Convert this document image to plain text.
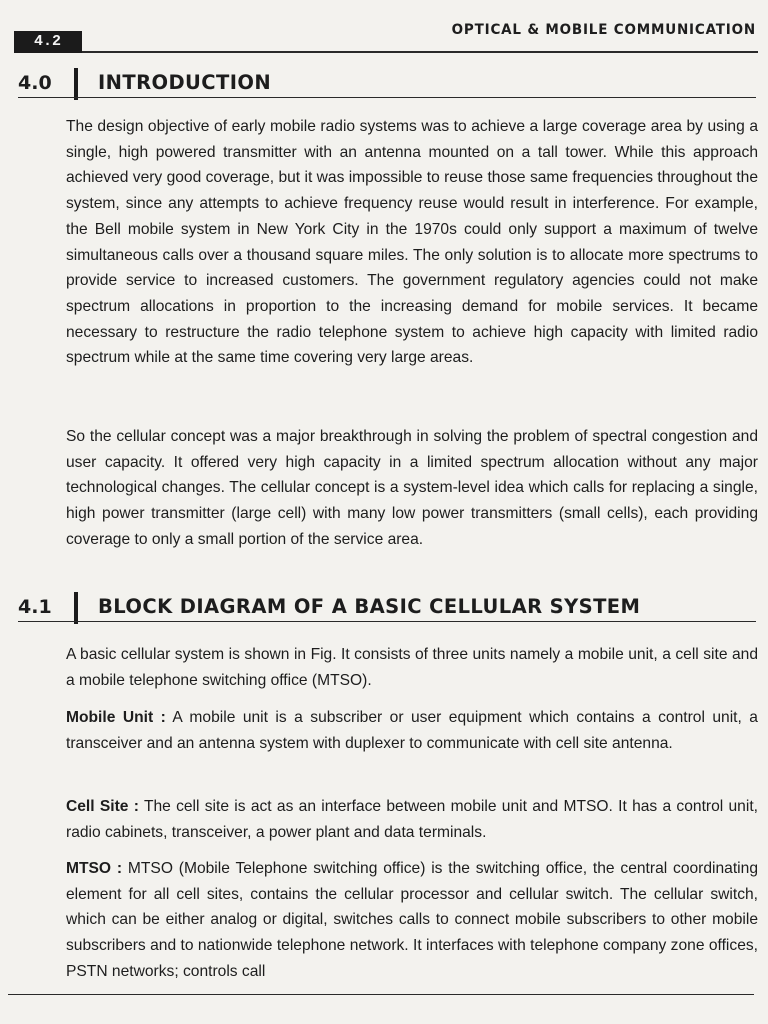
4.2
OPTICAL & MOBILE COMMUNICATION
4.0 INTRODUCTION

The design objective of early mobile radio systems was to achieve a large coverage area by using a single, high powered transmitter with an antenna mounted on a tall tower. While this approach achieved very good coverage, but it was impossible to reuse those same frequencies throughout the system, since any attempts to achieve frequency reuse would result in interference. For example, the Bell mobile system in New York City in the 1970s could only support a maximum of twelve simultaneous calls over a thousand square miles. The only solution is to allocate more spectrums to provide service to increased customers. The government regulatory agencies could not make spectrum allocations in proportion to the increasing demand for mobile services. It became necessary to restructure the radio telephone system to achieve high capacity with limited radio spectrum while at the same time covering very large areas.

So the cellular concept was a major breakthrough in solving the problem of spectral congestion and user capacity. It offered very high capacity in a limited spectrum allocation without any major technological changes. The cellular concept is a system-level idea which calls for replacing a single, high power transmitter (large cell) with many low power transmitters (small cells), each providing coverage to only a small portion of the service area.

4.1 BLOCK DIAGRAM OF A BASIC CELLULAR SYSTEM

A basic cellular system is shown in Fig. It consists of three units namely a mobile unit, a cell site and a mobile telephone switching office (MTSO).

Mobile Unit : A mobile unit is a subscriber or user equipment which contains a control unit, a transceiver and an antenna system with duplexer to communicate with cell site antenna.

Cell Site : The cell site is act as an interface between mobile unit and MTSO. It has a control unit, radio cabinets, transceiver, a power plant and data terminals.

MTSO : MTSO (Mobile Telephone switching office) is the switching office, the central coordinating element for all cell sites, contains the cellular processor and cellular switch. The cellular switch, which can be either analog or digital, switches calls to connect mobile subscribers to other mobile subscribers and to nationwide telephone network. It interfaces with telephone company zone offices, PSTN networks; controls call
